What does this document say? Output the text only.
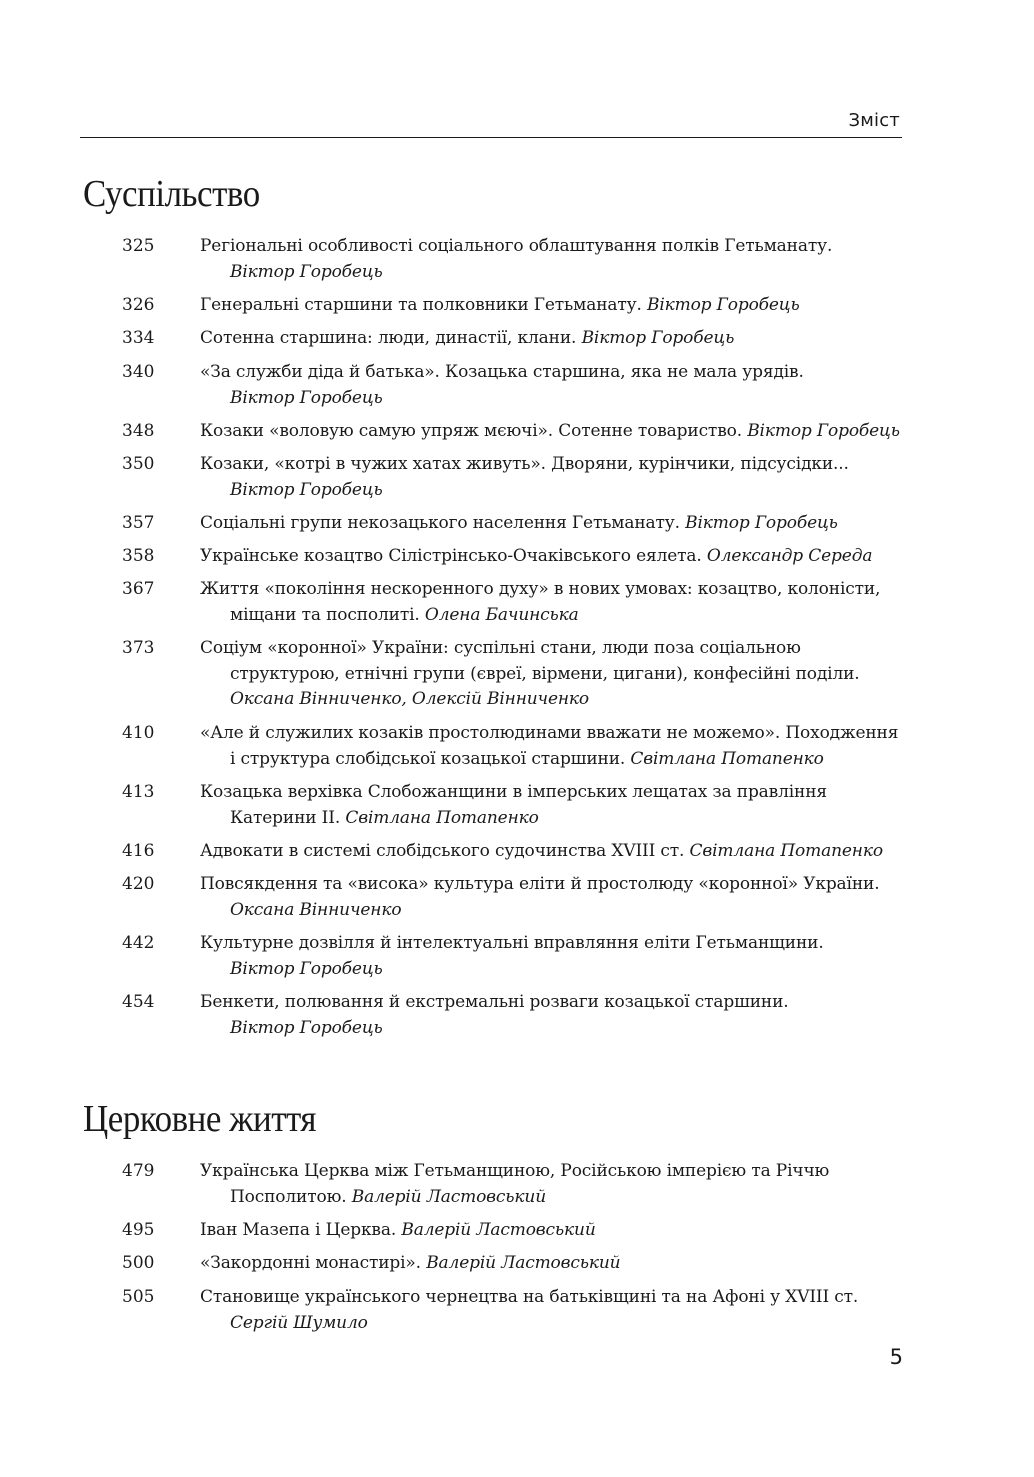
Зміст
Суспільство
325	Регіональні особливості соціального облаштування полків Гетьманату.
Віктор Горобець
326	Генеральні старшини та полковники Гетьманату. Віктор Горобець
334	Сотенна старшина: люди, династії, клани. Віктор Горобець
340	«За служби діда й батька». Козацька старшина, яка не мала урядів.
Віктор Горобець
348	Козаки «воловую самую упряж мєючі». Сотенне товариство. Віктор Горобець
350	Козаки, «котрі в чужих хатах живуть». Дворяни, курінчики, підсусідки...
Віктор Горобець
357	Соціальні групи некозацького населення Гетьманату. Віктор Горобець
358	Українське козацтво Сілістрінсько-Очаківського еялета. Олександр Середа
367	Життя «покоління нескоренного духу» в нових умовах: козацтво, колоністи, міщани та посполиті. Олена Бачинська
373	Соціум «коронної» України: суспільні стани, люди поза соціальною структурою, етнічні групи (євреї, вірмени, цигани), конфесійні поділи.
Оксана Вінниченко, Олексій Вінниченко
410	«Але й служилих козаків простолюдинами вважати не можемо». Походження і структура слобідської козацької старшини. Світлана Потапенко
413	Козацька верхівка Слобожанщини в імперських лещатах за правління Катерини ІІ. Світлана Потапенко
416	Адвокати в системі слобідського судочинства XVIII ст. Світлана Потапенко
420	Повсякдення та «висока» культура еліти й простолюду «коронної» України.
Оксана Вінниченко
442	Культурне дозвілля й інтелектуальні вправляння еліти Гетьманщини.
Віктор Горобець
454	Бенкети, полювання й екстремальні розваги козацької старшини.
Віктор Горобець
Церковне життя
479	Українська Церква між Гетьманщиною, Російською імперією та Річчю Посполитою. Валерій Ластовський
495	Іван Мазепа і Церква. Валерій Ластовський
500	«Закордонні монастирі». Валерій Ластовський
505	Становище українського чернецтва на батьківщині та на Афоні у XVIII ст.
Сергій Шумило
5
